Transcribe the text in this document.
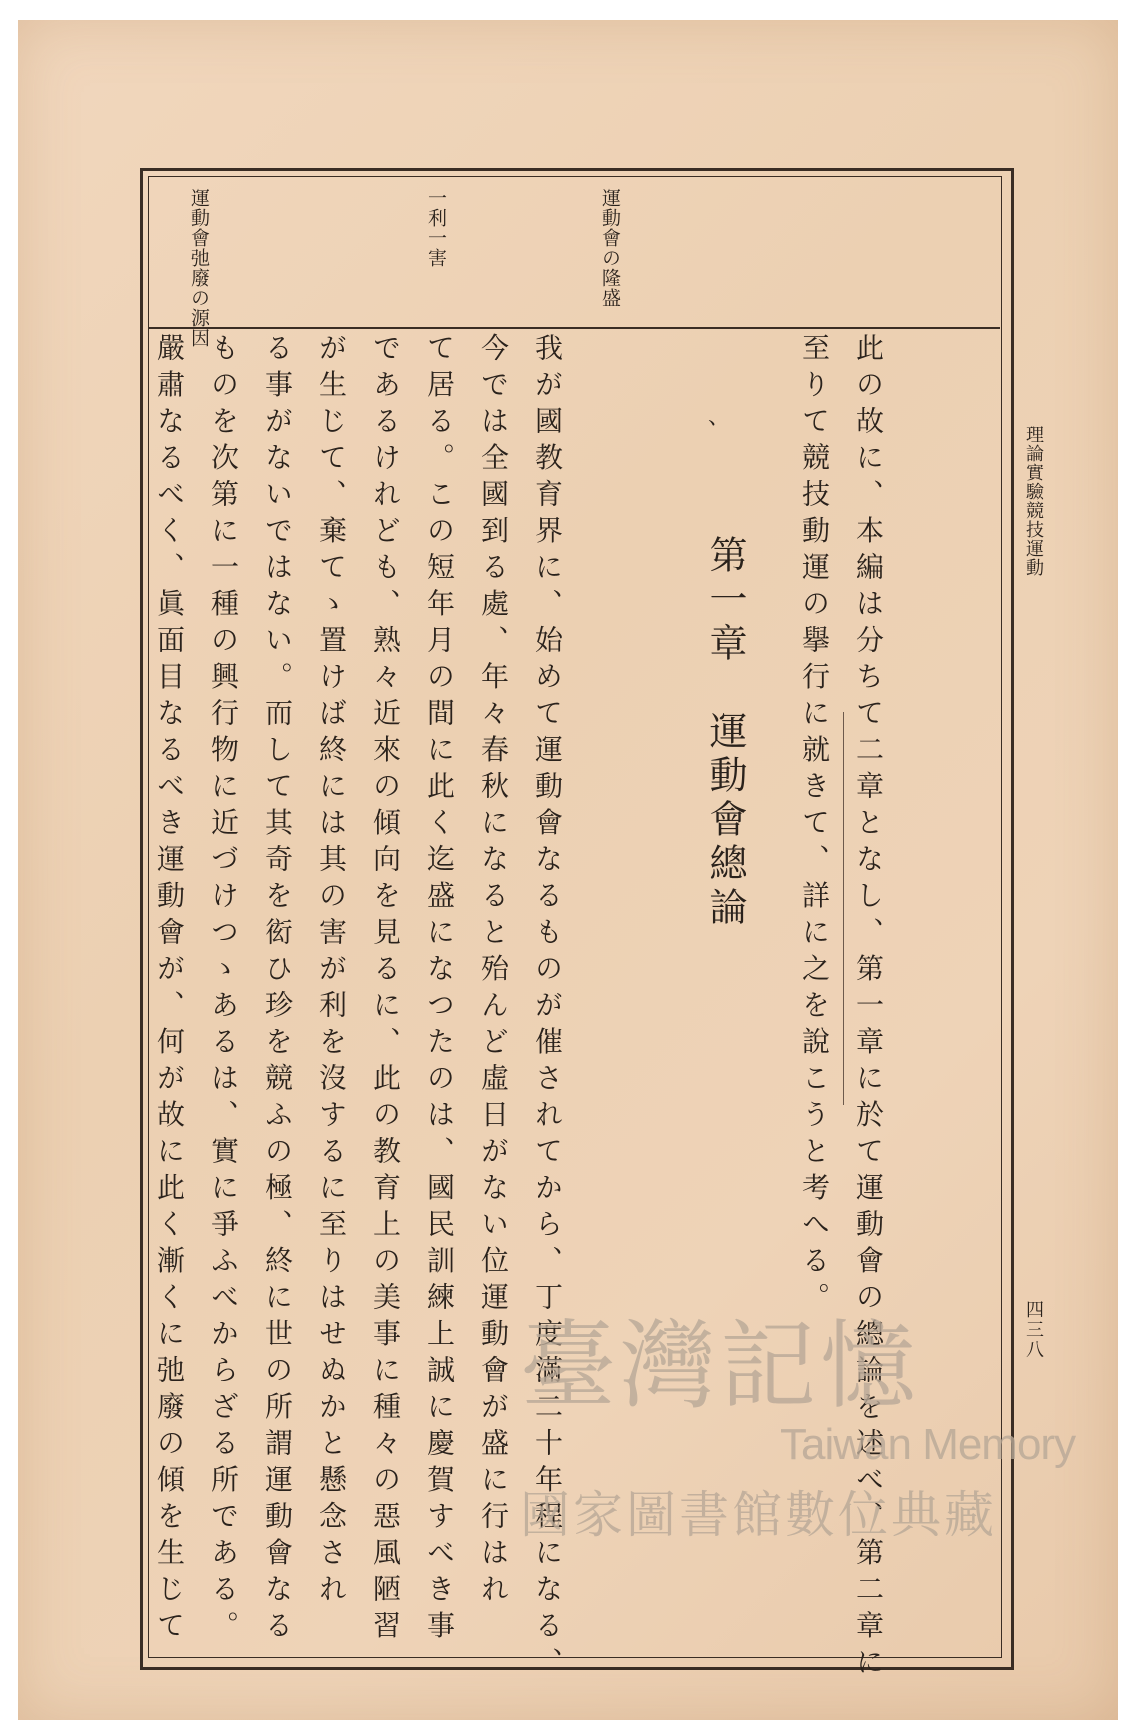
理論實驗競技運動
四三八
運動會の隆盛
一利一害
運動會弛廢の源因
此の故に、本編は分ちて二章となし、第一章に於て運動會の總論を述べ、第二章に
至りて競技動運の擧行に就きて、詳に之を說こうと考へる。
、
第一章　運動會總論
我が國教育界に、始めて運動會なるものが催されてから、丁度滿二十年程になる、
今では全國到る處、年々春秋になると殆んど虛日がない位運動會が盛に行はれ
て居る。この短年月の間に此く迄盛になつたのは、國民訓練上誠に慶賀すべき事
であるけれども、熟々近來の傾向を見るに、此の教育上の美事に種々の惡風陋習
が生じて、棄てゝ置けば終には其の害が利を沒するに至りはせぬかと懸念され
る事がないではない。而して其奇を衒ひ珍を競ふの極、終に世の所謂運動會なる
ものを次第に一種の興行物に近づけつゝあるは、實に爭ふべからざる所である。
嚴肅なるべく、眞面目なるべき運動會が、何が故に此く漸くに弛廢の傾を生じて	臺灣記憶
Taiwan Memory
國家圖書館數位典藏
